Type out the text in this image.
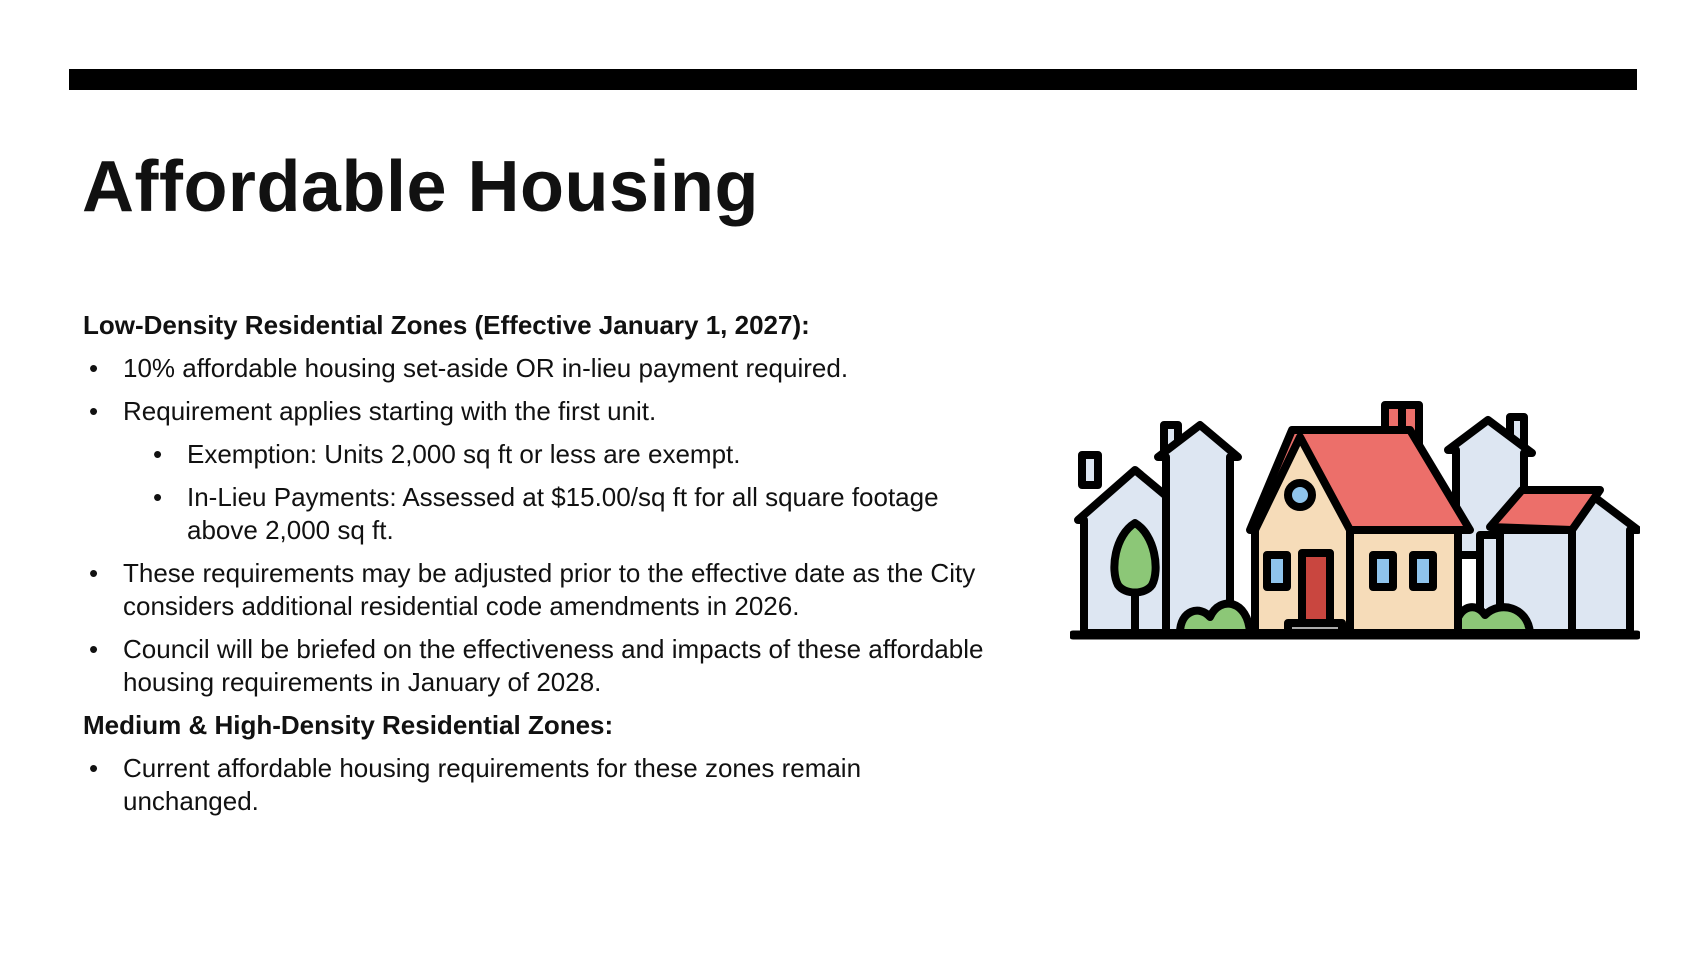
Affordable Housing
Low-Density Residential Zones (Effective January 1, 2027):
• 10% affordable housing set-aside OR in-lieu payment required.
• Requirement applies starting with the first unit.
• Exemption: Units 2,000 sq ft or less are exempt.
• In-Lieu Payments: Assessed at $15.00/sq ft for all square footage above 2,000 sq ft.
• These requirements may be adjusted prior to the effective date as the City considers additional residential code amendments in 2026.
• Council will be briefed on the effectiveness and impacts of these affordable housing requirements in January of 2028.
Medium & High-Density Residential Zones:
• Current affordable housing requirements for these zones remain unchanged.
